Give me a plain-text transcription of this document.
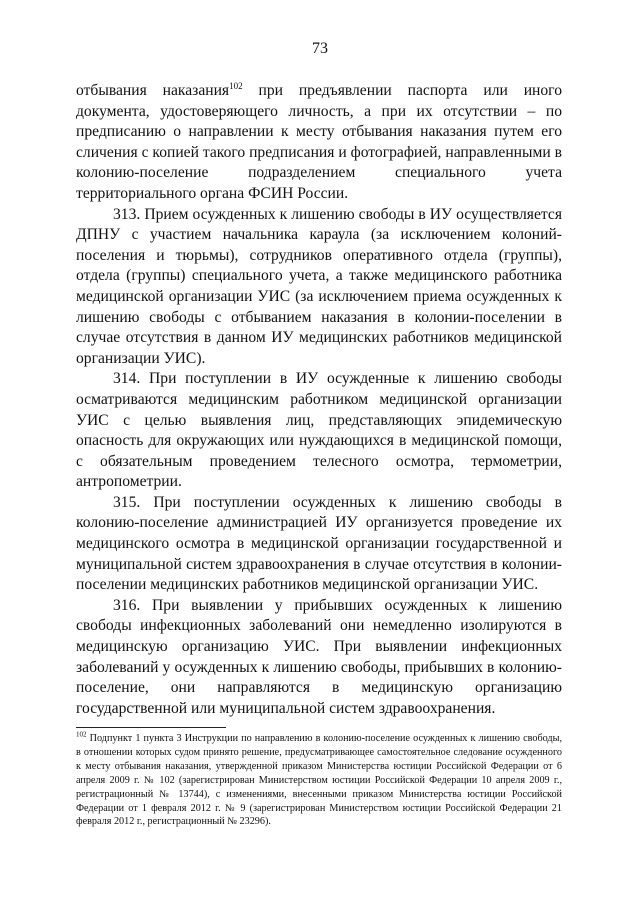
73

отбывания наказания$^{102}$ при предъявлении паспорта или иного документа, удостоверяющего личность, а при их отсутствии – по предписанию о направлении к месту отбывания наказания путем его сличения с копией такого предписания и фотографией, направленными в колонию-поселение подразделением специального учета территориального органа ФСИН России.

313. Прием осужденных к лишению свободы в ИУ осуществляется ДПНУ с участием начальника караула (за исключением колоний-поселения и тюрьмы), сотрудников оперативного отдела (группы), отдела (группы) специального учета, а также медицинского работника медицинской организации УИС (за исключением приема осужденных к лишению свободы с отбыванием наказания в колонии-поселении в случае отсутствия в данном ИУ медицинских работников медицинской организации УИС).

314. При поступлении в ИУ осужденные к лишению свободы осматриваются медицинским работником медицинской организации УИС с целью выявления лиц, представляющих эпидемическую опасность для окружающих или нуждающихся в медицинской помощи, с обязательным проведением телесного осмотра, термометрии, антропометрии.

315. При поступлении осужденных к лишению свободы в колонию-поселение администрацией ИУ организуется проведение их медицинского осмотра в медицинской организации государственной и муниципальной систем здравоохранения в случае отсутствия в колонии-поселении медицинских работников медицинской организации УИС.

316. При выявлении у прибывших осужденных к лишению свободы инфекционных заболеваний они немедленно изолируются в медицинскую организацию УИС. При выявлении инфекционных заболеваний у осужденных к лишению свободы, прибывших в колонию-поселение, они направляются в медицинскую организацию государственной или муниципальной систем здравоохранения.

$^{102}$ Подпункт 1 пункта 3 Инструкции по направлению в колонию-поселение осужденных к лишению свободы, в отношении которых судом принято решение, предусматривающее самостоятельное следование осужденного к месту отбывания наказания, утвержденной приказом Министерства юстиции Российской Федерации от 6 апреля 2009 г. № 102 (зарегистрирован Министерством юстиции Российской Федерации 10 апреля 2009 г., регистрационный № 13744), с изменениями, внесенными приказом Министерства юстиции Российской Федерации от 1 февраля 2012 г. № 9 (зарегистрирован Министерством юстиции Российской Федерации 21 февраля 2012 г., регистрационный № 23296).
